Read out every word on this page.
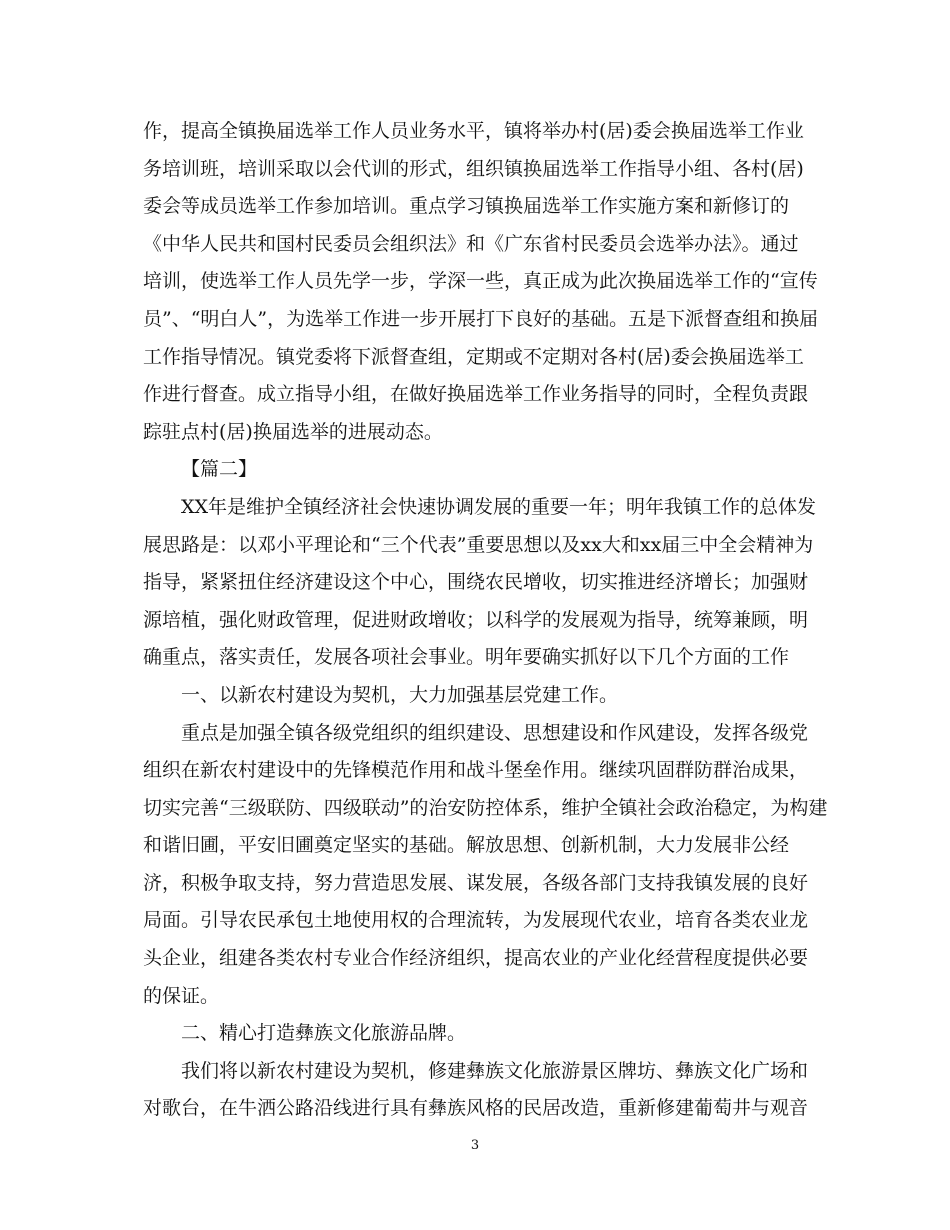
作，提高全镇换届选举工作人员业务水平，镇将举办村(居)委会换届选举工作业
务培训班，培训采取以会代训的形式，组织镇换届选举工作指导小组、各村(居)
委会等成员选举工作参加培训。重点学习镇换届选举工作实施方案和新修订的
《中华人民共和国村民委员会组织法》和《广东省村民委员会选举办法》。通过
培训，使选举工作人员先学一步，学深一些，真正成为此次换届选举工作的“宣传
员”、“明白人”，为选举工作进一步开展打下良好的基础。五是下派督查组和换届
工作指导情况。镇党委将下派督查组，定期或不定期对各村(居)委会换届选举工
作进行督查。成立指导小组，在做好换届选举工作业务指导的同时，全程负责跟
踪驻点村(居)换届选举的进展动态。
【篇二】
XX年是维护全镇经济社会快速协调发展的重要一年；明年我镇工作的总体发
展思路是：以邓小平理论和“三个代表”重要思想以及xx大和xx届三中全会精神为
指导，紧紧扭住经济建设这个中心，围绕农民增收，切实推进经济增长；加强财
源培植，强化财政管理，促进财政增收；以科学的发展观为指导，统筹兼顾，明
确重点，落实责任，发展各项社会事业。明年要确实抓好以下几个方面的工作
一、以新农村建设为契机，大力加强基层党建工作。
重点是加强全镇各级党组织的组织建设、思想建设和作风建设，发挥各级党
组织在新农村建设中的先锋模范作用和战斗堡垒作用。继续巩固群防群治成果，
切实完善“三级联防、四级联动”的治安防控体系，维护全镇社会政治稳定，为构建
和谐旧圃，平安旧圃奠定坚实的基础。解放思想、创新机制，大力发展非公经
济，积极争取支持，努力营造思发展、谋发展，各级各部门支持我镇发展的良好
局面。引导农民承包土地使用权的合理流转，为发展现代农业，培育各类农业龙
头企业，组建各类农村专业合作经济组织，提高农业的产业化经营程度提供必要
的保证。
二、精心打造彝族文化旅游品牌。
我们将以新农村建设为契机，修建彝族文化旅游景区牌坊、彝族文化广场和
对歌台，在牛洒公路沿线进行具有彝族风格的民居改造，重新修建葡萄井与观音
3
